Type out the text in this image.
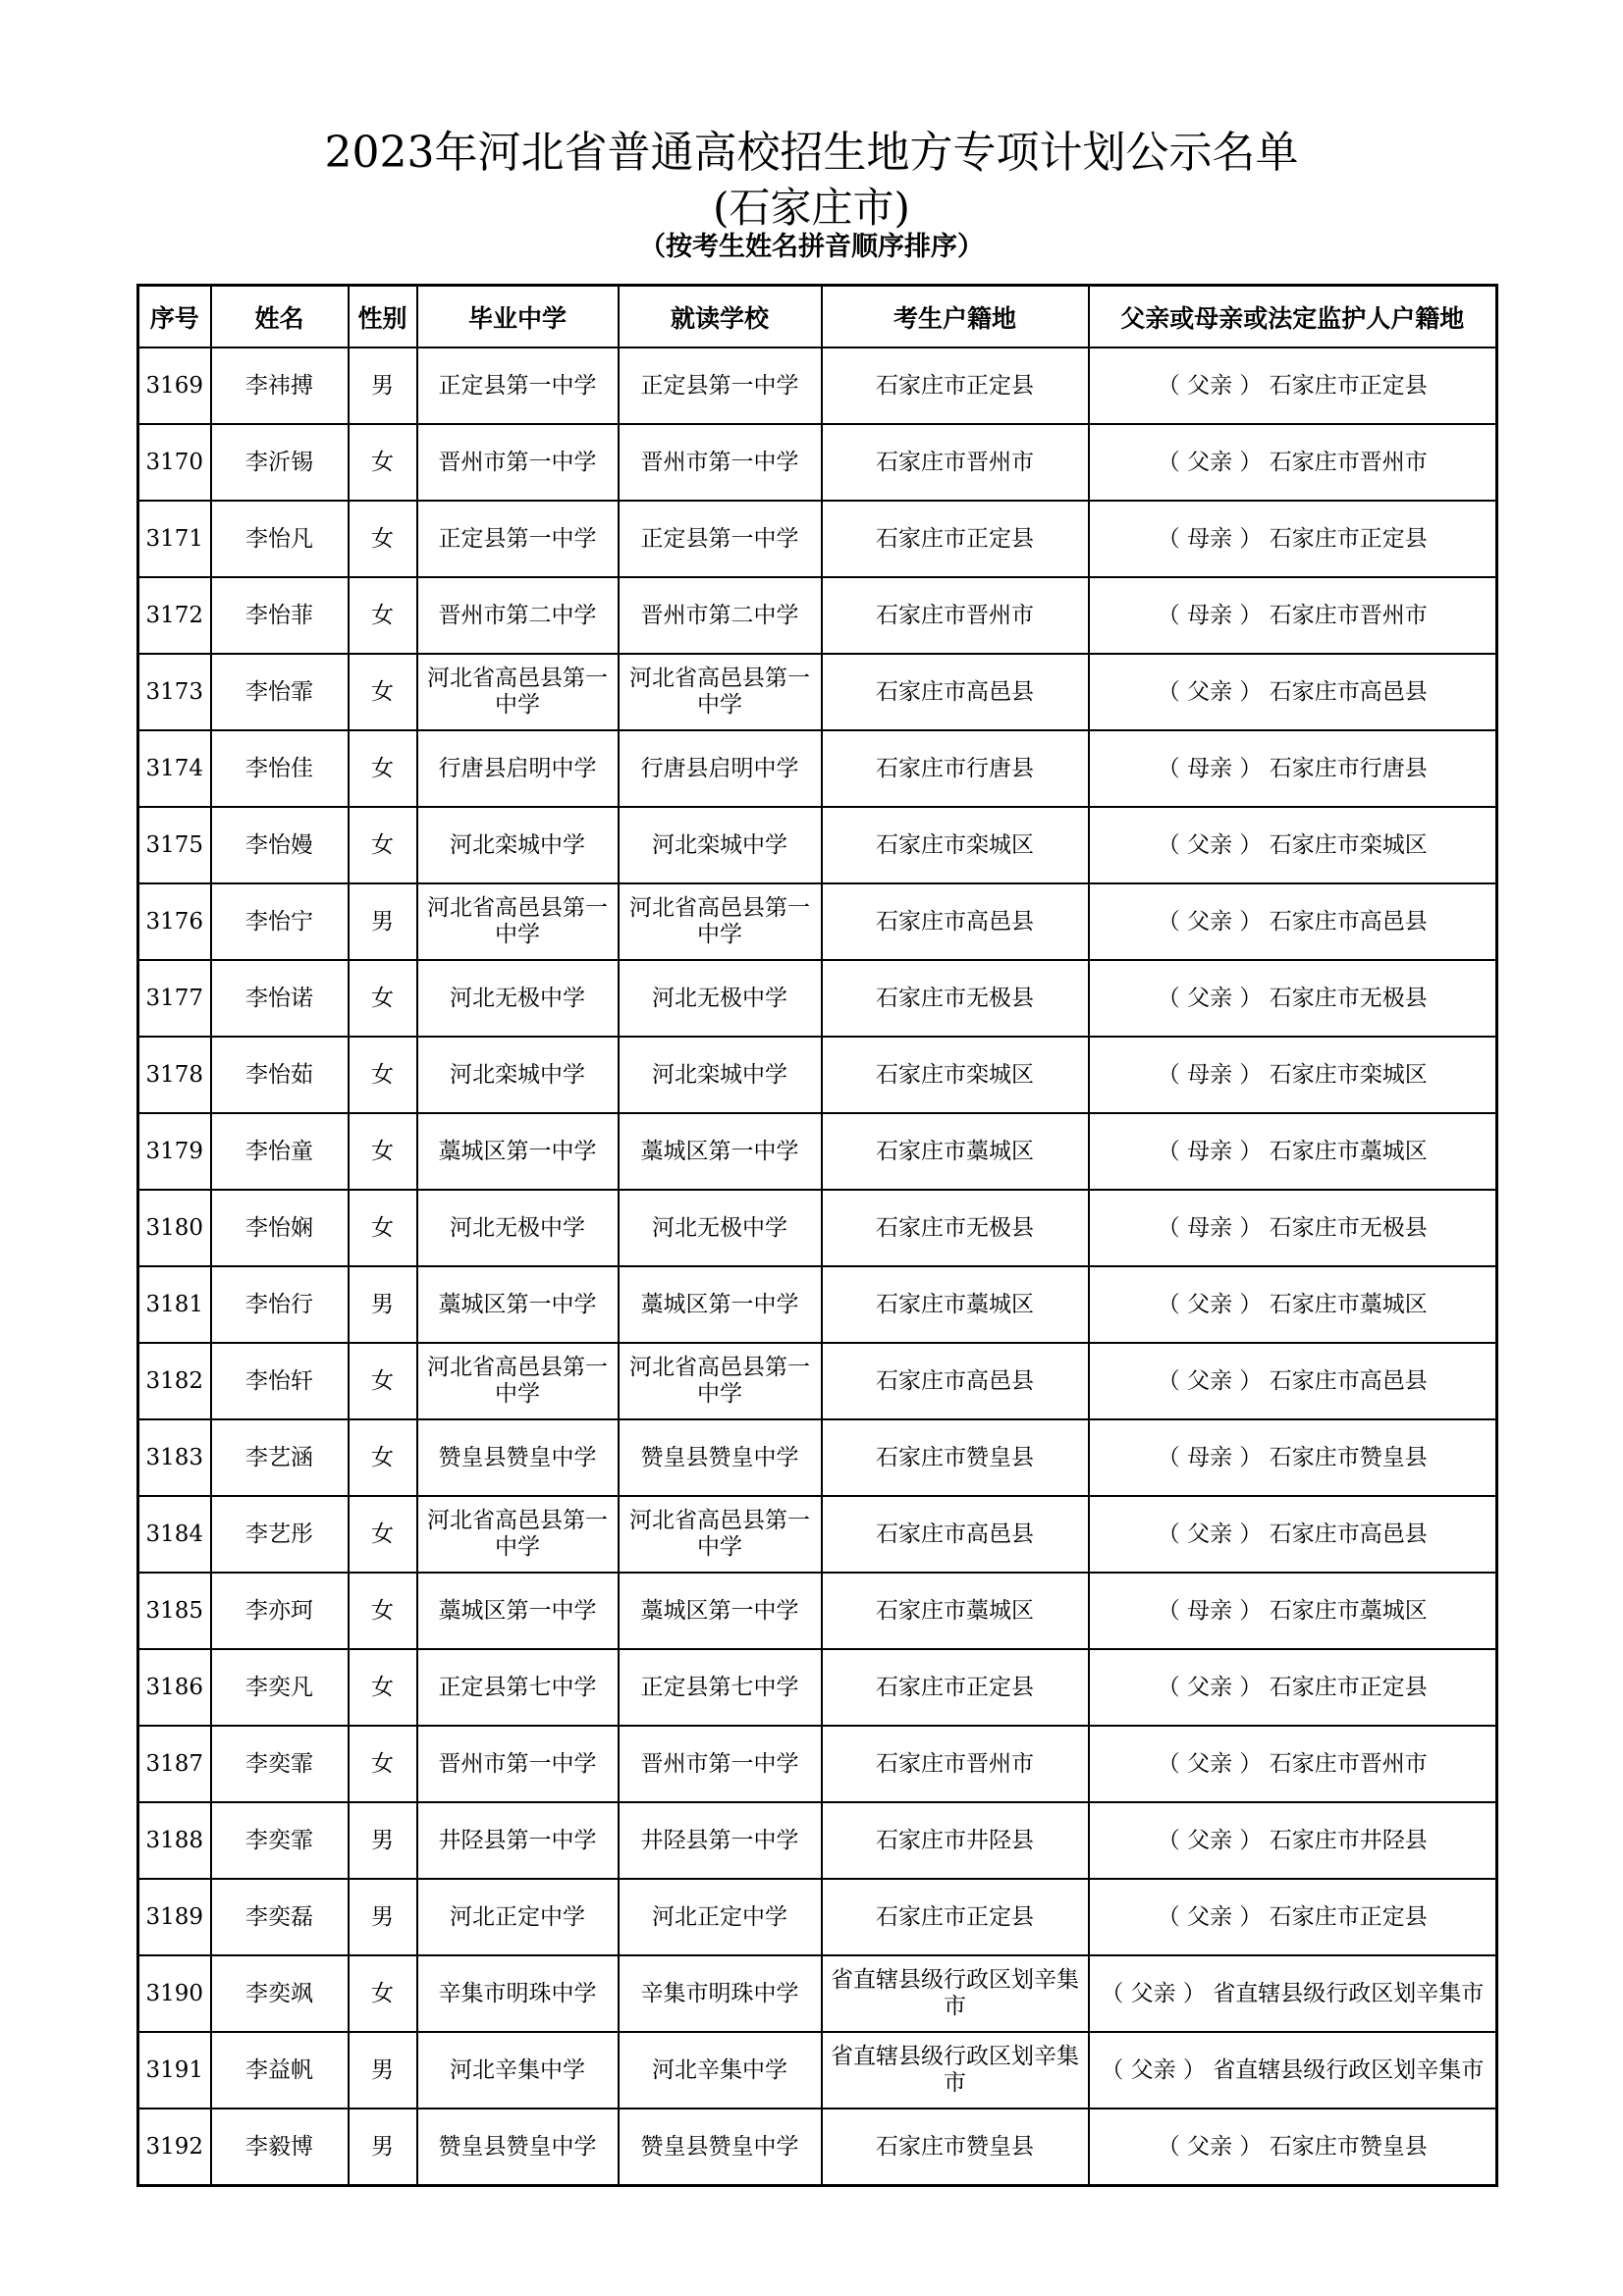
2023年河北省普通高校招生地方专项计划公示名单
(石家庄市)
（按考生姓名拼音顺序排序）
序号	姓名	性别	毕业中学	就读学校	考生户籍地	父亲或母亲或法定监护人户籍地
3169	李祎搏	男	正定县第一中学	正定县第一中学	石家庄市正定县	（ 父亲 ） 石家庄市正定县
3170	李沂锡	女	晋州市第一中学	晋州市第一中学	石家庄市晋州市	（ 父亲 ） 石家庄市晋州市
3171	李怡凡	女	正定县第一中学	正定县第一中学	石家庄市正定县	（ 母亲 ） 石家庄市正定县
3172	李怡菲	女	晋州市第二中学	晋州市第二中学	石家庄市晋州市	（ 母亲 ） 石家庄市晋州市
3173	李怡霏	女	河北省高邑县第一中学	河北省高邑县第一中学	石家庄市高邑县	（ 父亲 ） 石家庄市高邑县
3174	李怡佳	女	行唐县启明中学	行唐县启明中学	石家庄市行唐县	（ 母亲 ） 石家庄市行唐县
3175	李怡嫚	女	河北栾城中学	河北栾城中学	石家庄市栾城区	（ 父亲 ） 石家庄市栾城区
3176	李怡宁	男	河北省高邑县第一中学	河北省高邑县第一中学	石家庄市高邑县	（ 父亲 ） 石家庄市高邑县
3177	李怡诺	女	河北无极中学	河北无极中学	石家庄市无极县	（ 父亲 ） 石家庄市无极县
3178	李怡茹	女	河北栾城中学	河北栾城中学	石家庄市栾城区	（ 母亲 ） 石家庄市栾城区
3179	李怡童	女	藁城区第一中学	藁城区第一中学	石家庄市藁城区	（ 母亲 ） 石家庄市藁城区
3180	李怡娴	女	河北无极中学	河北无极中学	石家庄市无极县	（ 母亲 ） 石家庄市无极县
3181	李怡行	男	藁城区第一中学	藁城区第一中学	石家庄市藁城区	（ 父亲 ） 石家庄市藁城区
3182	李怡轩	女	河北省高邑县第一中学	河北省高邑县第一中学	石家庄市高邑县	（ 父亲 ） 石家庄市高邑县
3183	李艺涵	女	赞皇县赞皇中学	赞皇县赞皇中学	石家庄市赞皇县	（ 母亲 ） 石家庄市赞皇县
3184	李艺彤	女	河北省高邑县第一中学	河北省高邑县第一中学	石家庄市高邑县	（ 父亲 ） 石家庄市高邑县
3185	李亦珂	女	藁城区第一中学	藁城区第一中学	石家庄市藁城区	（ 母亲 ） 石家庄市藁城区
3186	李奕凡	女	正定县第七中学	正定县第七中学	石家庄市正定县	（ 父亲 ） 石家庄市正定县
3187	李奕霏	女	晋州市第一中学	晋州市第一中学	石家庄市晋州市	（ 父亲 ） 石家庄市晋州市
3188	李奕霏	男	井陉县第一中学	井陉县第一中学	石家庄市井陉县	（ 父亲 ） 石家庄市井陉县
3189	李奕磊	男	河北正定中学	河北正定中学	石家庄市正定县	（ 父亲 ） 石家庄市正定县
3190	李奕飒	女	辛集市明珠中学	辛集市明珠中学	省直辖县级行政区划辛集市	（ 父亲 ） 省直辖县级行政区划辛集市
3191	李益帆	男	河北辛集中学	河北辛集中学	省直辖县级行政区划辛集市	（ 父亲 ） 省直辖县级行政区划辛集市
3192	李毅博	男	赞皇县赞皇中学	赞皇县赞皇中学	石家庄市赞皇县	（ 父亲 ） 石家庄市赞皇县
